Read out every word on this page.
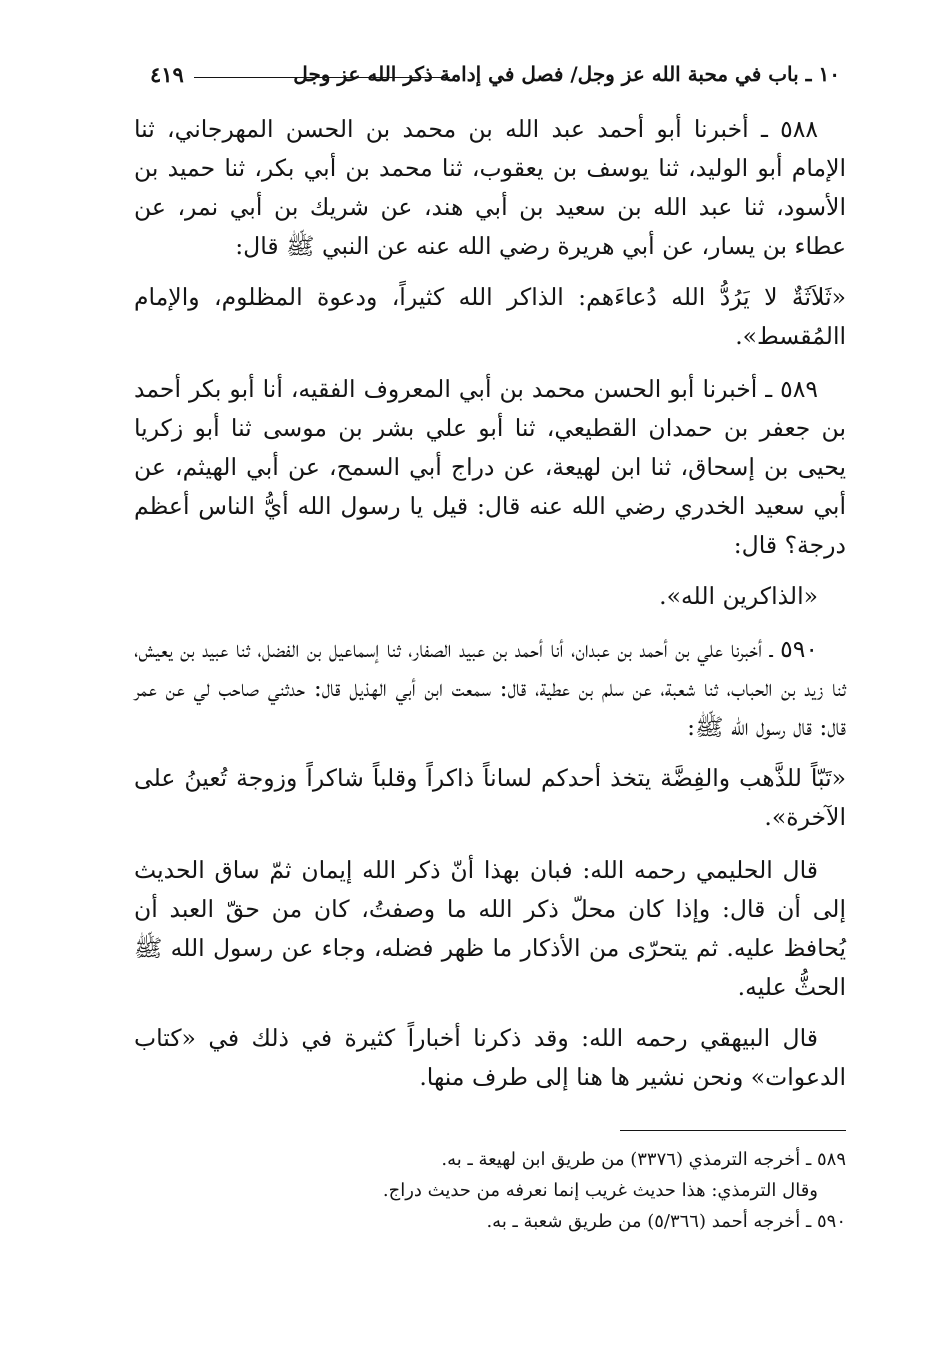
١٠ ـ باب في محبة الله عز وجل/ فصل في إدامة ذكر الله عز وجل
٤١٩

٥٨٨ ـ أخبرنا أبو أحمد عبد الله بن محمد بن الحسن المهرجاني، ثنا الإمام أبو الوليد، ثنا يوسف بن يعقوب، ثنا محمد بن أبي بكر، ثنا حميد بن الأسود، ثنا عبد الله بن سعيد بن أبي هند، عن شريك بن أبي نمر، عن عطاء بن يسار، عن أبي هريرة رضي الله عنه عن النبي ﷺ قال:

«ثَلاَثَةٌ لا يَرُدُّ الله دُعاءَهم: الذاكر الله كثيراً، ودعوة المظلوم، والإمام االمُقسط».

٥٨٩ ـ أخبرنا أبو الحسن محمد بن أبي المعروف الفقيه، أنا أبو بكر أحمد بن جعفر بن حمدان القطيعي، ثنا أبو علي بشر بن موسى ثنا أبو زكريا يحيى بن إسحاق، ثنا ابن لهيعة، عن دراج أبي السمح، عن أبي الهيثم، عن أبي سعيد الخدري رضي الله عنه قال: قيل يا رسول الله أيُّ الناس أعظم درجة؟ قال:

«الذاكرين الله».

٥٩٠ ـ أخبرنا علي بن أحمد بن عبدان، أنا أحمد بن عبيد الصفار، ثنا إسماعيل بن الفضل، ثنا عبيد بن يعيش، ثنا زيد بن الحباب، ثنا شعبة، عن سلم بن عطية، قال: سمعت ابن أبي الهذيل قال: حدثني صاحب لي عن عمر قال: قال رسول الله ﷺ:

«تَبّاً للذَّهب والفِضَّة يتخذ أحدكم لساناً ذاكراً وقلباً شاكراً وزوجة تُعينُ على الآخرة».

قال الحليمي رحمه الله: فبان بهذا أنّ ذكر الله إيمان ثمّ ساق الحديث إلى أن قال: وإذا كان محلّ ذكر الله ما وصفتُ، كان من حقّ العبد أن يُحافظ عليه. ثم يتحرّى من الأذكار ما ظهر فضله، وجاء عن رسول الله ﷺ الحثُّ عليه.

قال البيهقي رحمه الله: وقد ذكرنا أخباراً كثيرة في ذلك في «كتاب الدعوات» ونحن نشير ها هنا إلى طرف منها.

٥٨٩ ـ أخرجه الترمذي (٣٣٧٦) من طريق ابن لهيعة ـ به.

وقال الترمذي: هذا حديث غريب إنما نعرفه من حديث دراج.

٥٩٠ ـ أخرجه أحمد (٥/٣٦٦) من طريق شعبة ـ به.
